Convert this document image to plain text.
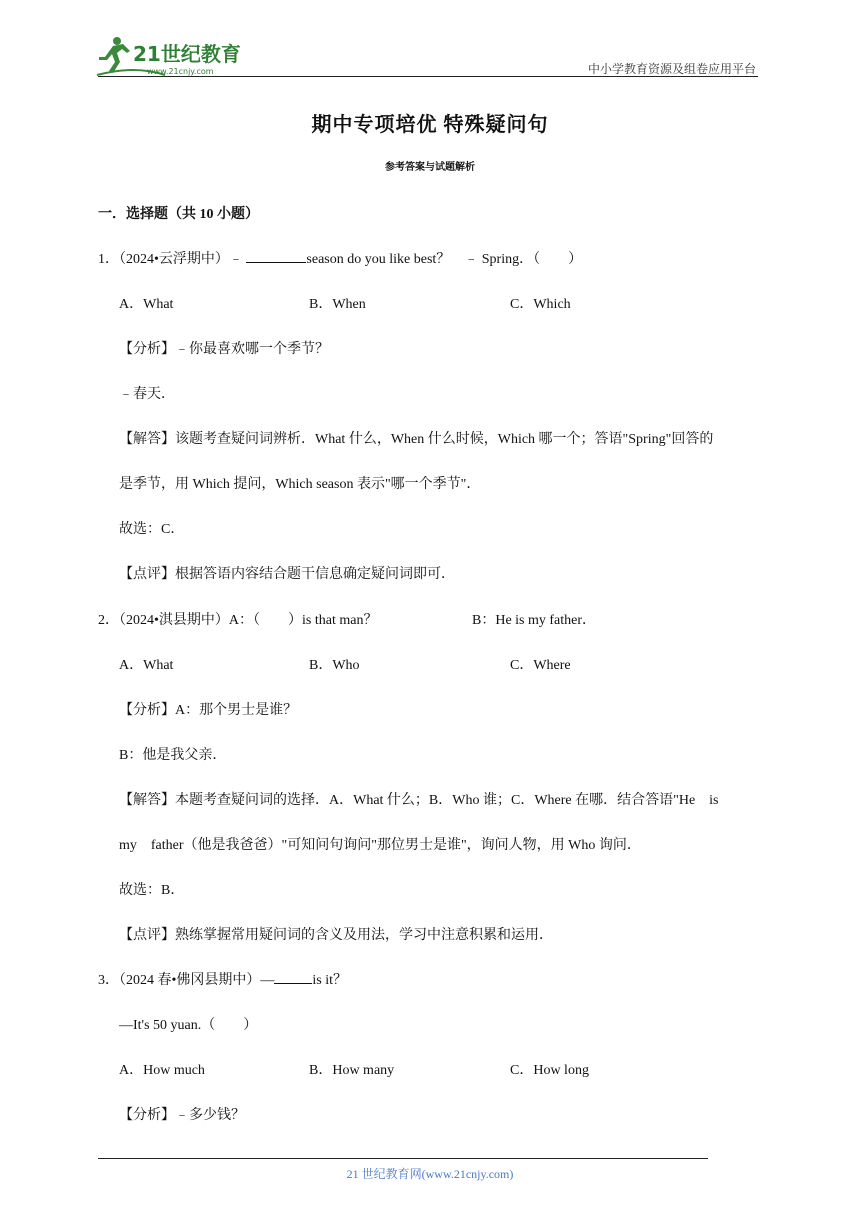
21世纪教育
www.21cnjy.com	中小学教育资源及组卷应用平台
期中专项培优 特殊疑问句
参考答案与试题解析
一．选择题（共 10 小题）
1．（2024•云浮期中）﹣	season do you like best？　﹣ Spring．（　　）
A．What	B．When	C．Which
【分析】﹣你最喜欢哪一个季节？
﹣春天．
【解答】该题考查疑问词辨析．What 什么，When 什么时候，Which 哪一个；答语"Spring"回答的
是季节，用 Which 提问，Which season 表示"哪一个季节"．
故选：C．
【点评】根据答语内容结合题干信息确定疑问词即可．
2．（2024•淇县期中）A：（　　）is that man？	B：He is my father．
A．What	B．Who	C．Where
【分析】A：那个男士是谁？
B：他是我父亲．
【解答】本题考查疑问词的选择．A．What 什么；B．Who 谁；C．Where 在哪．结合答语"He　is
my　father（他是我爸爸）"可知问句询问"那位男士是谁"，询问人物，用 Who 询问．
故选：B．
【点评】熟练掌握常用疑问词的含义及用法，学习中注意积累和运用．
3．（2024 春•佛冈县期中）—	is it？
—It's 50 yuan.（　　）
A．How much	B．How many	C．How long
【分析】﹣多少钱？
21 世纪教育网(www.21cnjy.com)
